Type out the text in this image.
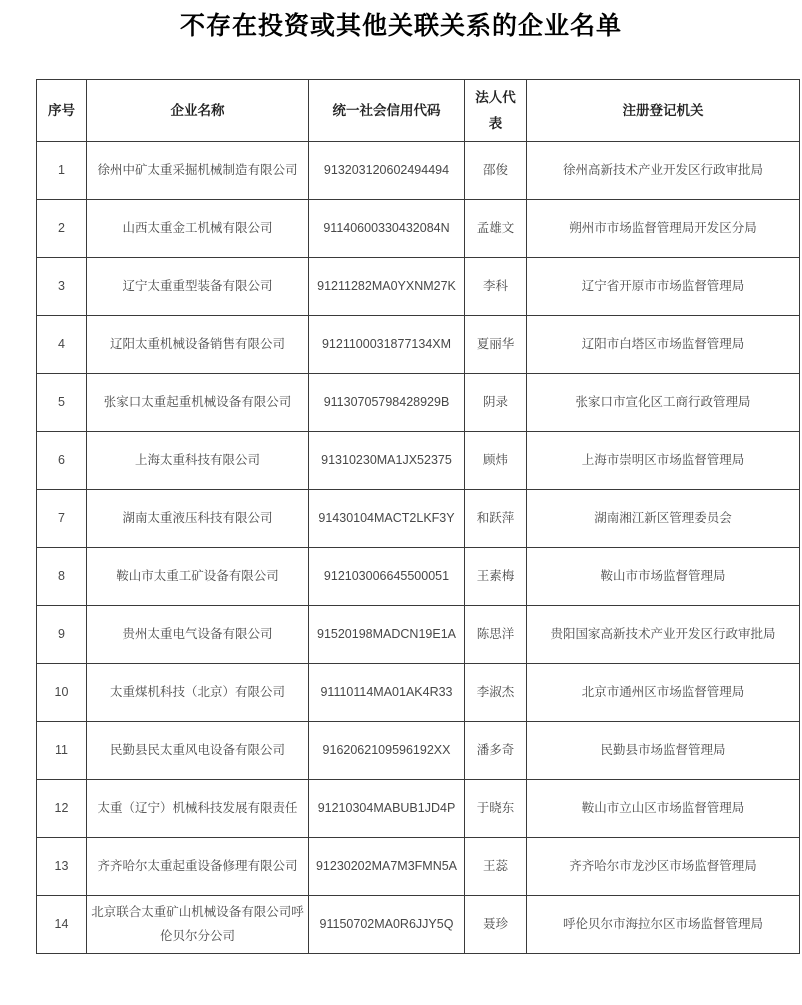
不存在投资或其他关联关系的企业名单
序号	企业名称	统一社会信用代码	法人代表	注册登记机关
1	徐州中矿太重采掘机械制造有限公司	913203120602494494	邵俊	徐州高新技术产业开发区行政审批局
2	山西太重金工机械有限公司	91140600330432084N	孟雄文	朔州市市场监督管理局开发区分局
3	辽宁太重重型装备有限公司	91211282MA0YXNM27K	李科	辽宁省开原市市场监督管理局
4	辽阳太重机械设备销售有限公司	9121100031877134XM	夏丽华	辽阳市白塔区市场监督管理局
5	张家口太重起重机械设备有限公司	91130705798428929B	阴录	张家口市宣化区工商行政管理局
6	上海太重科技有限公司	91310230MA1JX52375	顾炜	上海市崇明区市场监督管理局
7	湖南太重液压科技有限公司	91430104MACT2LKF3Y	和跃萍	湖南湘江新区管理委员会
8	鞍山市太重工矿设备有限公司	912103006645500051	王素梅	鞍山市市场监督管理局
9	贵州太重电气设备有限公司	91520198MADCN19E1A	陈思洋	贵阳国家高新技术产业开发区行政审批局
10	太重煤机科技（北京）有限公司	91110114MA01AK4R33	李淑杰	北京市通州区市场监督管理局
11	民勤县民太重风电设备有限公司	9162062109596192XX	潘多奇	民勤县市场监督管理局
12	太重（辽宁）机械科技发展有限责任	91210304MABUB1JD4P	于晓东	鞍山市立山区市场监督管理局
13	齐齐哈尔太重起重设备修理有限公司	91230202MA7M3FMN5A	王蕊	齐齐哈尔市龙沙区市场监督管理局
14	北京联合太重矿山机械设备有限公司呼伦贝尔分公司	91150702MA0R6JJY5Q	聂珍	呼伦贝尔市海拉尔区市场监督管理局
